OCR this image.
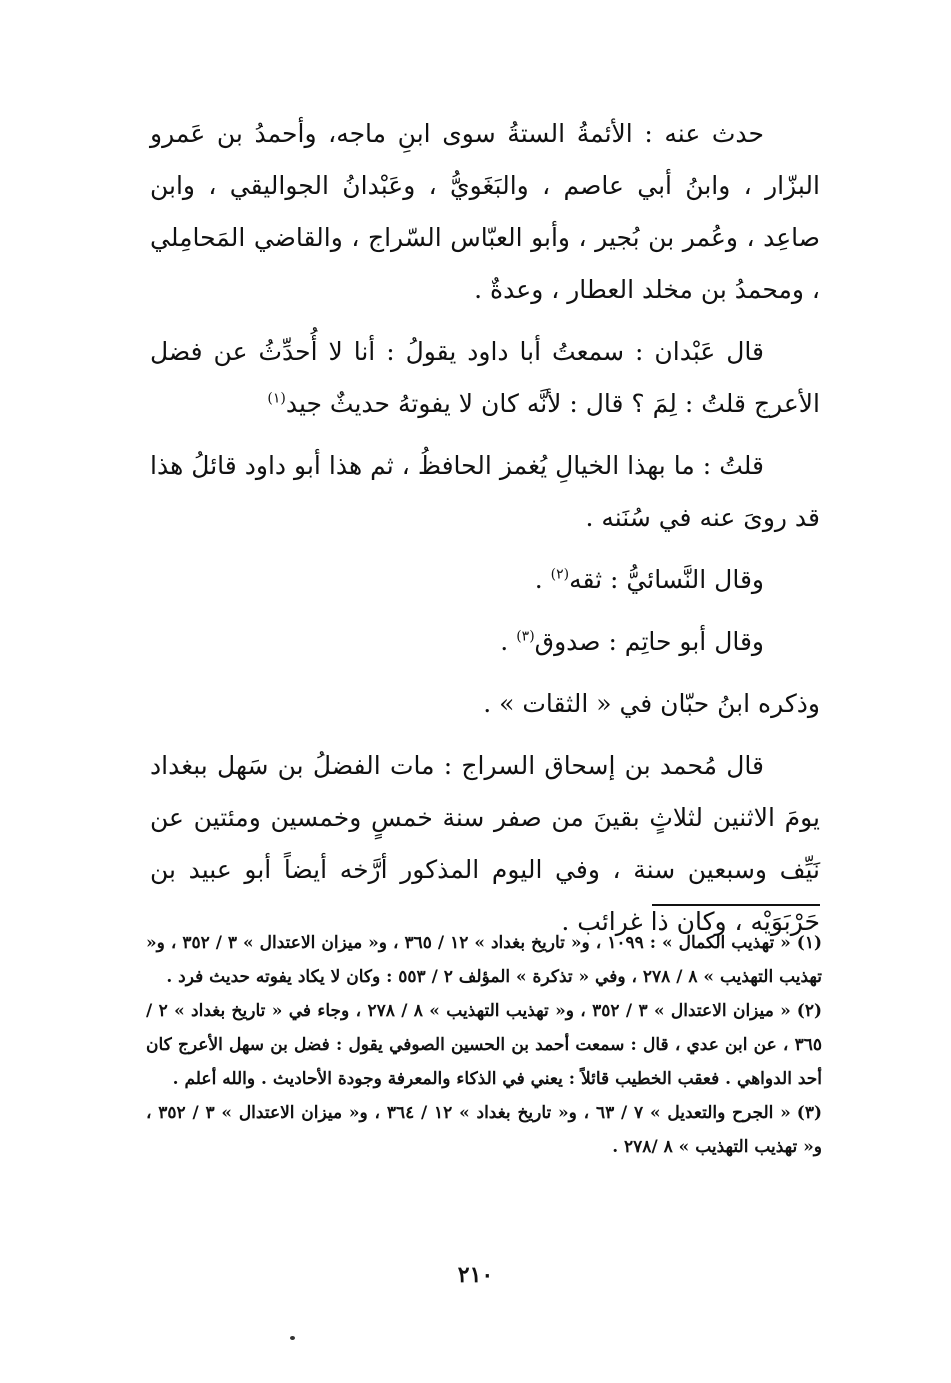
حدث عنه : الأئمةُ الستةُ سوى ابنِ ماجه، وأحمدُ بن عَمرو البزّار ، وابنُ أبي عاصم ، والبَغَويُّ ، وعَبْدانُ الجواليقي ، وابن صاعِد ، وعُمر بن بُجير ، وأبو العبّاس السّراج ، والقاضي المَحامِلي ، ومحمدُ بن مخلد العطار ، وعدةٌ .

قال عَبْدان : سمعتُ أبا داود يقولُ : أنا لا أُحدِّثُ عن فضل الأعرج قلتُ : لِمَ ؟ قال : لأنَّه كان لا يفوتهُ حديثٌ جيد$^{(١)}$

قلتُ : ما بهذا الخيالِ يُغمز الحافظُ ، ثم هذا أبو داود قائلُ هذا قد روىَ عنه في سُنَنه .

وقال النَّسائيُّ : ثقه$^{(٢)}$ .

وقال أبو حاتِم : صدوق$^{(٣)}$ .

وذكره ابنُ حبّان في « الثقات » .

قال مُحمد بن إسحاق السراج : مات الفضلُ بن سَهل ببغداد يومَ الاثنين لثلاثٍ بقينَ من صفر سنة خمسٍ وخمسين ومئتين عن نَيِّف وسبعين سنة ، وفي اليوم المذكور أرَّخه أيضاً أبو عبيد بن حَرْبَوَيْه ، وكان ذا غرائب .

(١)« تهذيب الكمال » : ١٠٩٩ ، و« تاريخ بغداد » ١٢ / ٣٦٥ ، و« ميزان الاعتدال » ٣ / ٣٥٢ ، و« تهذيب التهذيب » ٨ / ٢٧٨ ، وفي « تذكرة » المؤلف ٢ / ٥٥٣ : وكان لا يكاد يفوته حديث فرد .

(٢)« ميزان الاعتدال » ٣ / ٣٥٢ ، و« تهذيب التهذيب » ٨ / ٢٧٨ ، وجاء في « تاريخ بغداد » ٢ /٣٦٥ ، عن ابن عدي ، قال : سمعت أحمد بن الحسين الصوفي يقول : فضل بن سهل الأعرج كان أحد الدواهي . فعقب الخطيب قائلاً : يعني في الذكاء والمعرفة وجودة الأحاديث . والله أعلم .

(٣)« الجرح والتعديل » ٧ / ٦٣ ، و« تاريخ بغداد » ١٢ / ٣٦٤ ، و« ميزان الاعتدال » ٣ / ٣٥٢ ، و« تهذيب التهذيب » ٨ /٢٧٨ .

٢١٠
